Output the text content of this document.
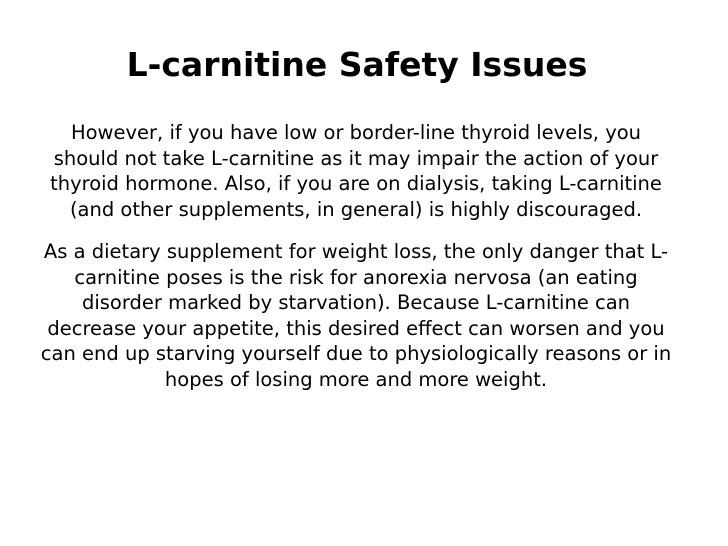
L-carnitine Safety Issues

However, if you have low or border-line thyroid levels, you should not take L-carnitine as it may impair the action of your thyroid hormone. Also, if you are on dialysis, taking L-carnitine (and other supplements, in general) is highly discouraged.

As a dietary supplement for weight loss, the only danger that L-carnitine poses is the risk for anorexia nervosa (an eating disorder marked by starvation). Because L-carnitine can decrease your appetite, this desired effect can worsen and you can end up starving yourself due to physiologically reasons or in hopes of losing more and more weight.
